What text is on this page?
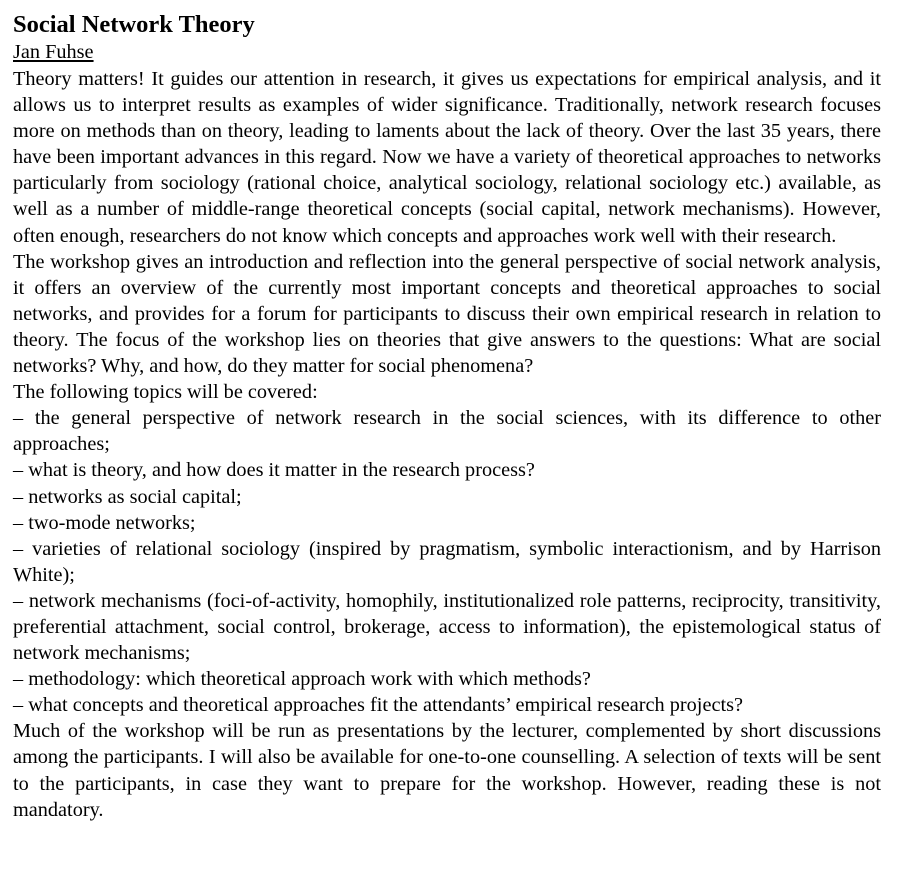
Social Network Theory
Jan Fuhse

Theory matters! It guides our attention in research, it gives us expectations for empirical analysis, and it allows us to interpret results as examples of wider significance. Traditionally, network research focuses more on methods than on theory, leading to laments about the lack of theory. Over the last 35 years, there have been important advances in this regard. Now we have a variety of theoretical approaches to networks particularly from sociology (rational choice, analytical sociology, relational sociology etc.) available, as well as a number of middle-range theoretical concepts (social capital, network mechanisms). However, often enough, researchers do not know which concepts and approaches work well with their research.

The workshop gives an introduction and reflection into the general perspective of social network analysis, it offers an overview of the currently most important concepts and theoretical approaches to social networks, and provides for a forum for participants to discuss their own empirical research in relation to theory. The focus of the workshop lies on theories that give answers to the questions: What are social networks? Why, and how, do they matter for social phenomena?

The following topics will be covered:

– the general perspective of network research in the social sciences, with its difference to other approaches;
– what is theory, and how does it matter in the research process?
– networks as social capital;
– two-mode networks;
– varieties of relational sociology (inspired by pragmatism, symbolic interactionism, and by Harrison White);
– network mechanisms (foci-of-activity, homophily, institutionalized role patterns, reciprocity, transitivity, preferential attachment, social control, brokerage, access to information), the epistemological status of network mechanisms;
– methodology: which theoretical approach work with which methods?
– what concepts and theoretical approaches fit the attendants’ empirical research projects?

Much of the workshop will be run as presentations by the lecturer, complemented by short discussions among the participants. I will also be available for one-to-one counselling. A selection of texts will be sent to the participants, in case they want to prepare for the workshop. However, reading these is not mandatory.
